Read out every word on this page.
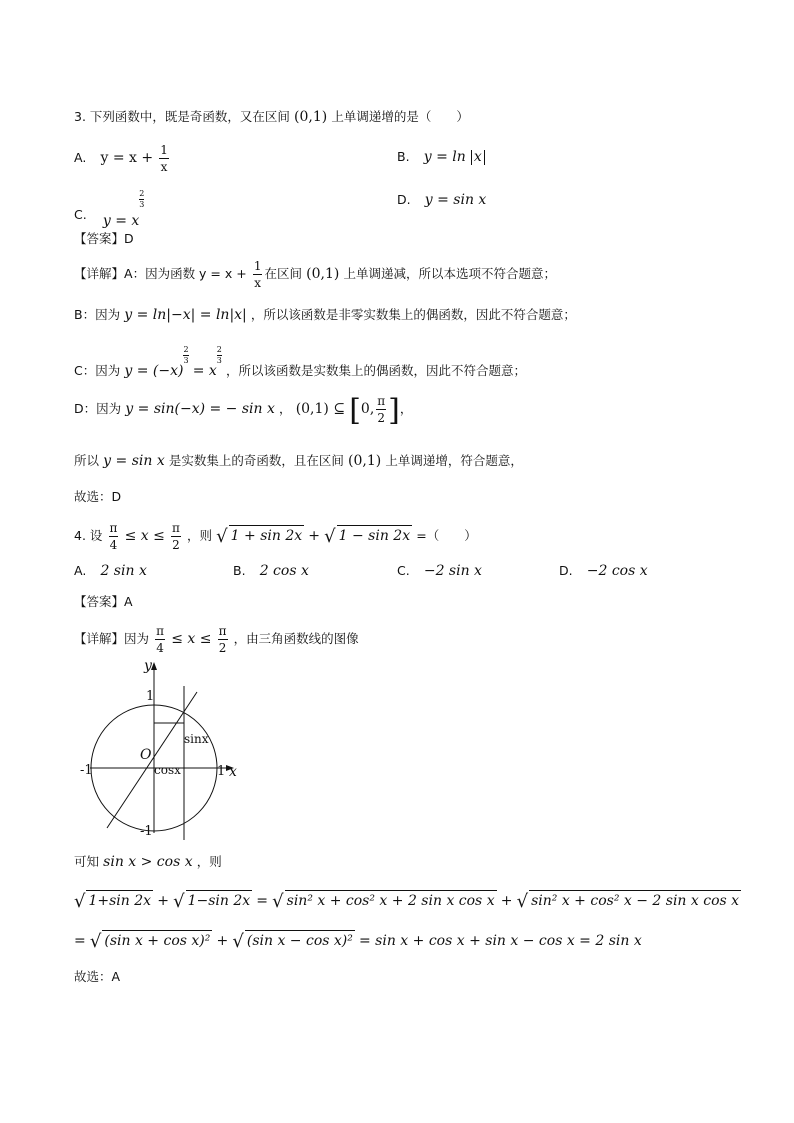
3. 下列函数中，既是奇函数，又在区间 (0,1) 上单调递增的是（　　）
A. $y = x + \frac{1}{x}$	B. y = ln x
C. y = x
$\frac{2}{3}$	D. y = sin x
【答案】D
【详解】A：因为函数 $y = x + \frac{1}{x}$ 在区间 (0,1) 上单调递减，所以本选项不符合题意；
B：因为 y = ln|−x| = ln|x| ，所以该函数是非零实数集上的偶函数，因此不符合题意；
C：因为 y = (−x)
$\frac{2}{3}$
= x
$\frac{2}{3}$
，所以该函数是实数集上的偶函数，因此不符合题意；
D：因为 y = sin(−x) = − sin x ， (0,1) ⊆ [0, $\frac{\pi}{2}$ ]，
所以 y = sin x 是实数集上的奇函数，且在区间 (0,1) 上单调递增，符合题意，
故选：D
4. 设 $\frac{\pi}{4} \le x \le \frac{\pi}{2}$ ，则 √ 1 + sin 2x + √ 1 − sin 2x =（　　）
A. 2 sin x	B. 2 cos x	C. −2 sin x	D. −2 cos x
【答案】A
【详解】因为 $\frac{\pi}{4} \le x \le \frac{\pi}{2}$ ，由三角函数线的图像
y
x
O
1
-1
-1	1
sinx
cosx
可知 sin x > cos x ，则
√ 1+sin 2x + √ 1−sin 2x = √ sin² x + cos² x + 2 sin x cos x + √ sin² x + cos² x − 2 sin x cos x
= √ (sin x + cos x)² + √ (sin x − cos x)² = sin x + cos x + sin x − cos x = 2 sin x
故选：A
